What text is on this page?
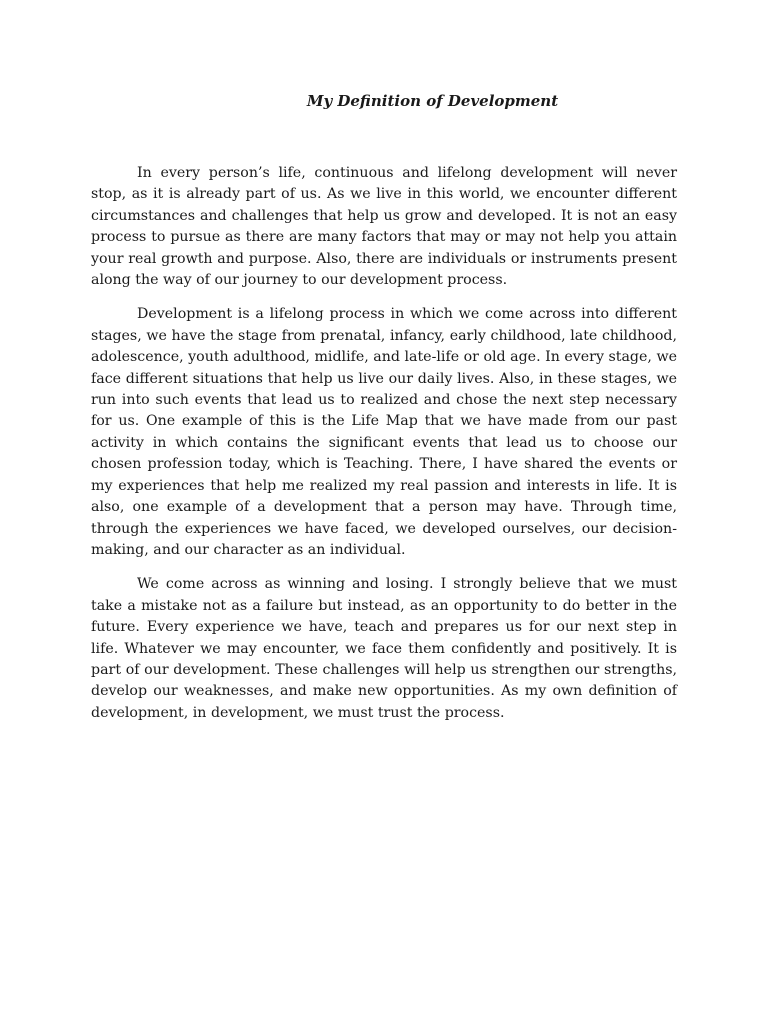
My Definition of Development

In every person’s life, continuous and lifelong development will never stop, as it is already part of us. As we live in this world, we encounter different circumstances and challenges that help us grow and developed. It is not an easy process to pursue as there are many factors that may or may not help you attain your real growth and purpose. Also, there are individuals or instruments present along the way of our journey to our development process.

Development is a lifelong process in which we come across into different stages, we have the stage from prenatal, infancy, early childhood, late childhood, adolescence, youth adulthood, midlife, and late-life or old age. In every stage, we face different situations that help us live our daily lives. Also, in these stages, we run into such events that lead us to realized and chose the next step necessary for us. One example of this is the Life Map that we have made from our past activity in which contains the significant events that lead us to choose our chosen profession today, which is Teaching. There, I have shared the events or my experiences that help me realized my real passion and interests in life. It is also, one example of a development that a person may have. Through time, through the experiences we have faced, we developed ourselves, our decision-making, and our character as an individual.

We come across as winning and losing. I strongly believe that we must take a mistake not as a failure but instead, as an opportunity to do better in the future. Every experience we have, teach and prepares us for our next step in life. Whatever we may encounter, we face them confidently and positively. It is part of our development. These challenges will help us strengthen our strengths, develop our weaknesses, and make new opportunities. As my own definition of development, in development, we must trust the process.
